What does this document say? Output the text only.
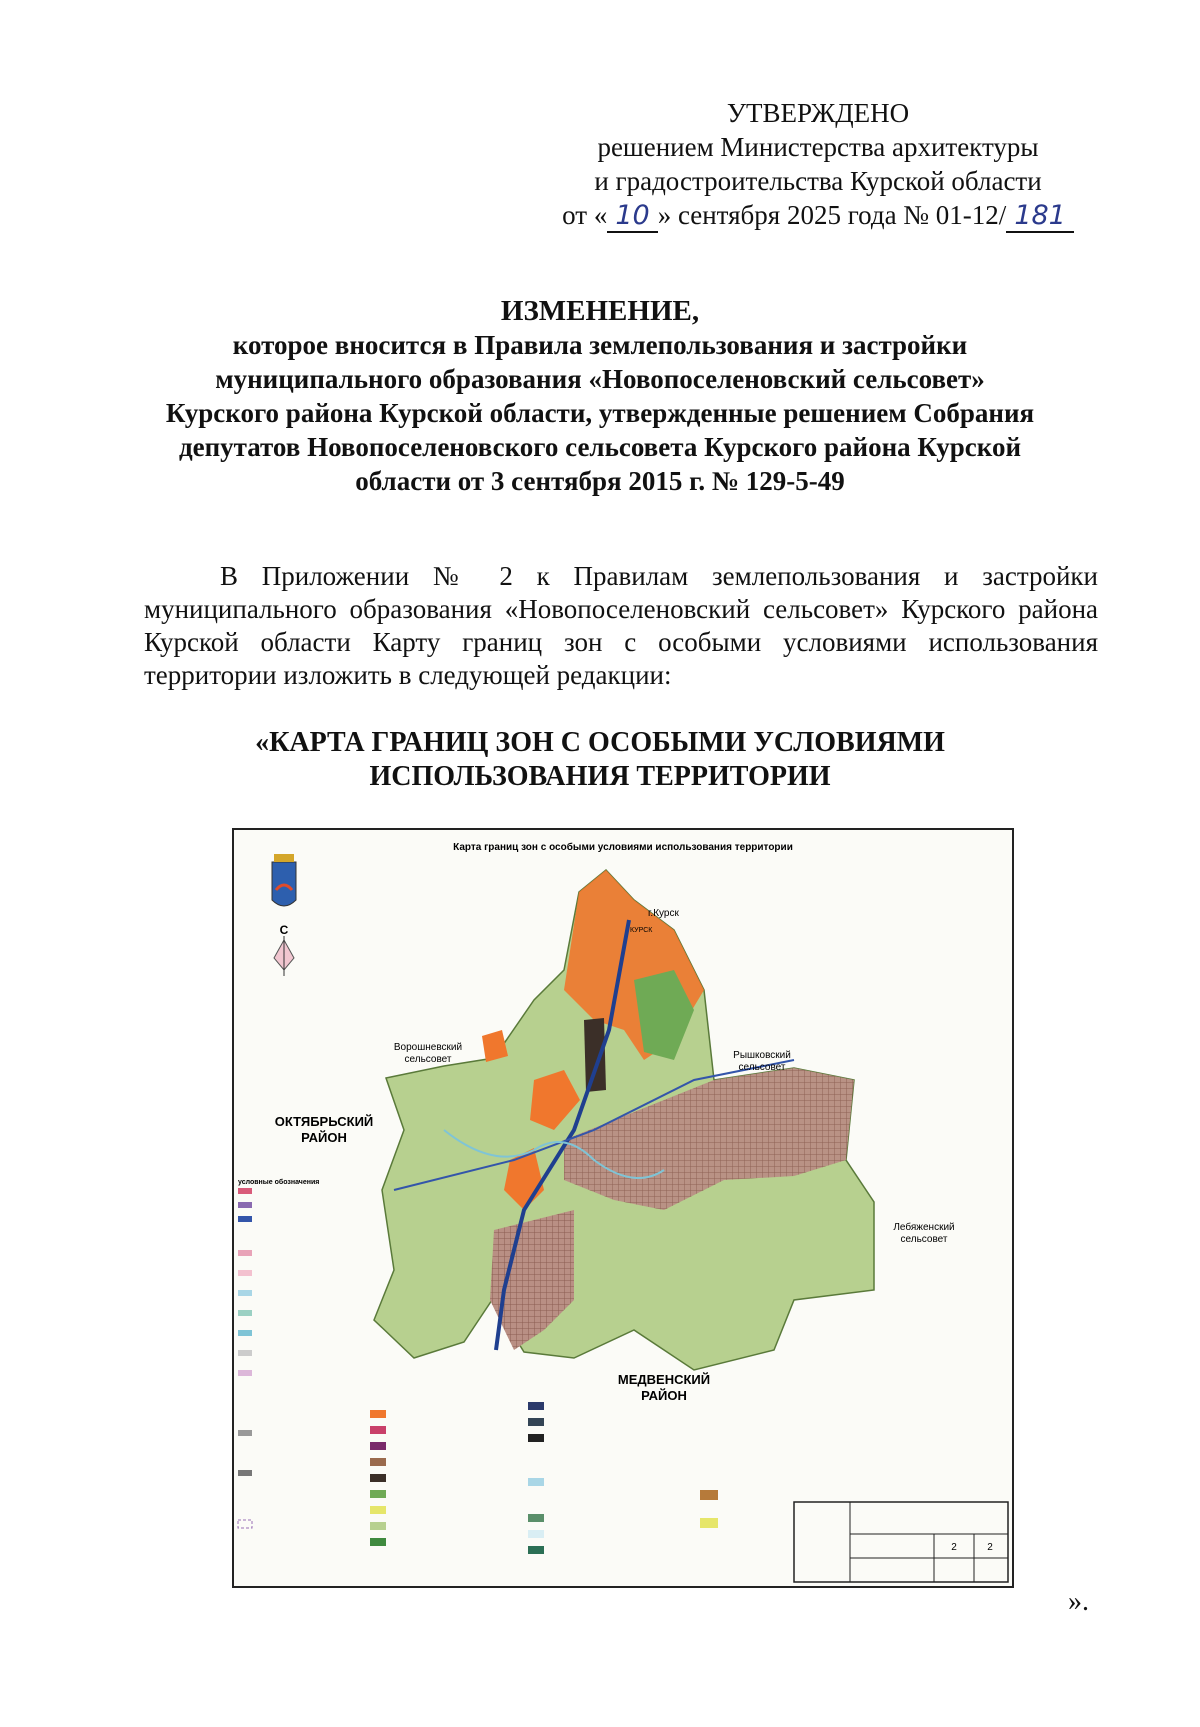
УТВЕРЖДЕНО
решением Министерства архитектуры
и градостроительства Курской области
от « 10 » сентября 2025 года № 01-12/ 181
ИЗМЕНЕНИЕ,
которое вносится в Правила землепользования и застройки
муниципального образования «Новопоселеновский сельсовет»
Курского района Курской области, утвержденные решением Собрания
депутатов Новопоселеновского сельсовета Курского района Курской
области от 3 сентября 2015 г. № 129-5-49
В Приложении № 2 к Правилам землепользования и застройки муниципального образования «Новопоселеновский сельсовет» Курского района Курской области Карту границ зон с особыми условиями использования территории изложить в следующей редакции:
«КАРТА ГРАНИЦ ЗОН С ОСОБЫМИ УСЛОВИЯМИ
ИСПОЛЬЗОВАНИЯ ТЕРРИТОРИИ
Карта границ зон с особыми условиями использования территории
С
г.Курск
КУРСК
Ворошневский
сельсовет	Рышковский
сельсовет
ОКТЯБРЬСКИЙ
РАЙОН
Лебяженский
сельсовет
МЕДВЕНСКИЙ
РАЙОН
условные обозначения
2
2
».
